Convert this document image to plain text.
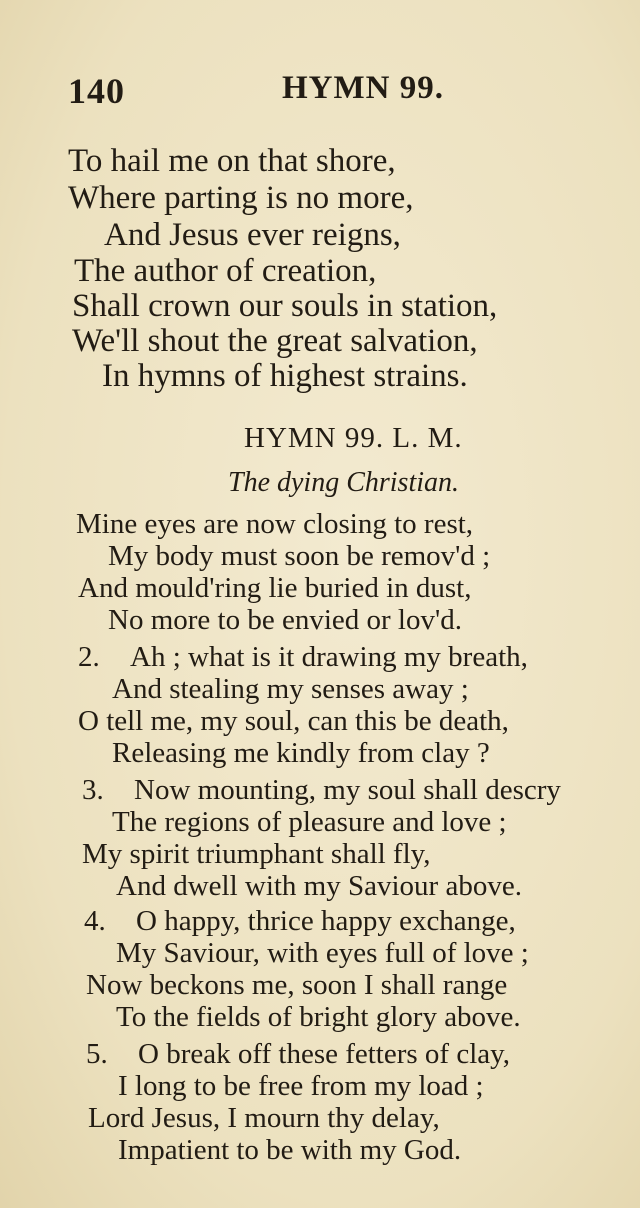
140	HYMN 99.
To hail me on that shore,
Where parting is no more,
And Jesus ever reigns,
The author of creation,
Shall crown our souls in station,
We'll shout the great salvation,
In hymns of highest strains.
HYMN 99. L. M.
The dying Christian.
Mine eyes are now closing to rest,
My body must soon be remov'd ;
And mould'ring lie buried in dust,
No more to be envied or lov'd.
2. Ah ; what is it drawing my breath,
And stealing my senses away ;
O tell me, my soul, can this be death,
Releasing me kindly from clay ?
3. Now mounting, my soul shall descry
The regions of pleasure and love ;
My spirit triumphant shall fly,
And dwell with my Saviour above.
4. O happy, thrice happy exchange,
My Saviour, with eyes full of love ;
Now beckons me, soon I shall range
To the fields of bright glory above.
5. O break off these fetters of clay,
I long to be free from my load ;
Lord Jesus, I mourn thy delay,
Impatient to be with my God.
